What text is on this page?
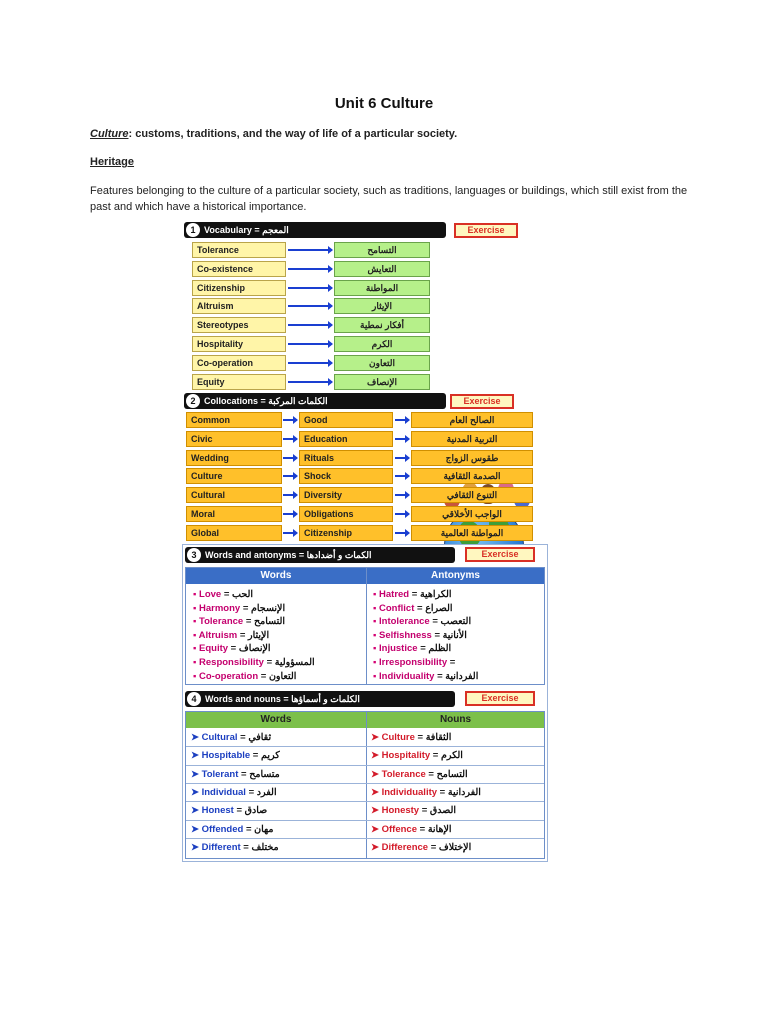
Unit 6 Culture
Culture: customs, traditions, and the way of life of a particular society.
Heritage
Features belonging to the culture of a particular society, such as traditions, languages or buildings, which still exist from the past and which have a historical importance.
1 Vocabulary = المعجم	Exercise
Tolerance	التسامح
Co-existence	التعايش
Citizenship	المواطنة
Altruism	الإيثار
Stereotypes	أفكار نمطية
Hospitality	الكرم
Co-operation	التعاون
Equity	الإنصاف
2 Collocations = الكلمات المركبة	Exercise
Common	Good	الصالح العام
Civic	Education	التربية المدنية
Wedding	Rituals	طقوس الزواج
Culture	Shock	الصدمة الثقافية
Cultural	Diversity	التنوع الثقافي
Moral	Obligations	الواجب الأخلاقي
Global	Citizenship	المواطنة العالمية
3 Words and antonyms = الكمات و أضدادها	Exercise
Words	Antonyms
▪ Love = الحب	▪ Hatred = الكراهية
▪ Harmony = الإنسجام	▪ Conflict = الصراع
▪ Tolerance = التسامح	▪ Intolerance = التعصب
▪ Altruism = الإيثار	▪ Selfishness = الأنانية
▪ Equity = الإنصاف	▪ Injustice = الظلم
▪ Responsibility = المسؤولية	▪ Irresponsibility =
▪ Co-operation = التعاون	▪ Individuality = الفردانية
4 Words and nouns = الكلمات و أسماؤها	Exercise
Words	Nouns
➤ Cultural = ثقافي	➤ Culture = الثقافة
➤ Hospitable = كريم	➤ Hospitality = الكرم
➤ Tolerant = متسامح	➤ Tolerance = التسامح
➤ Individual = الفرد	➤ Individuality = الفردانية
➤ Honest = صادق	➤ Honesty = الصدق
➤ Offended = مهان	➤ Offence = الإهانة
➤ Different = مختلف	➤ Difference = الإختلاف
